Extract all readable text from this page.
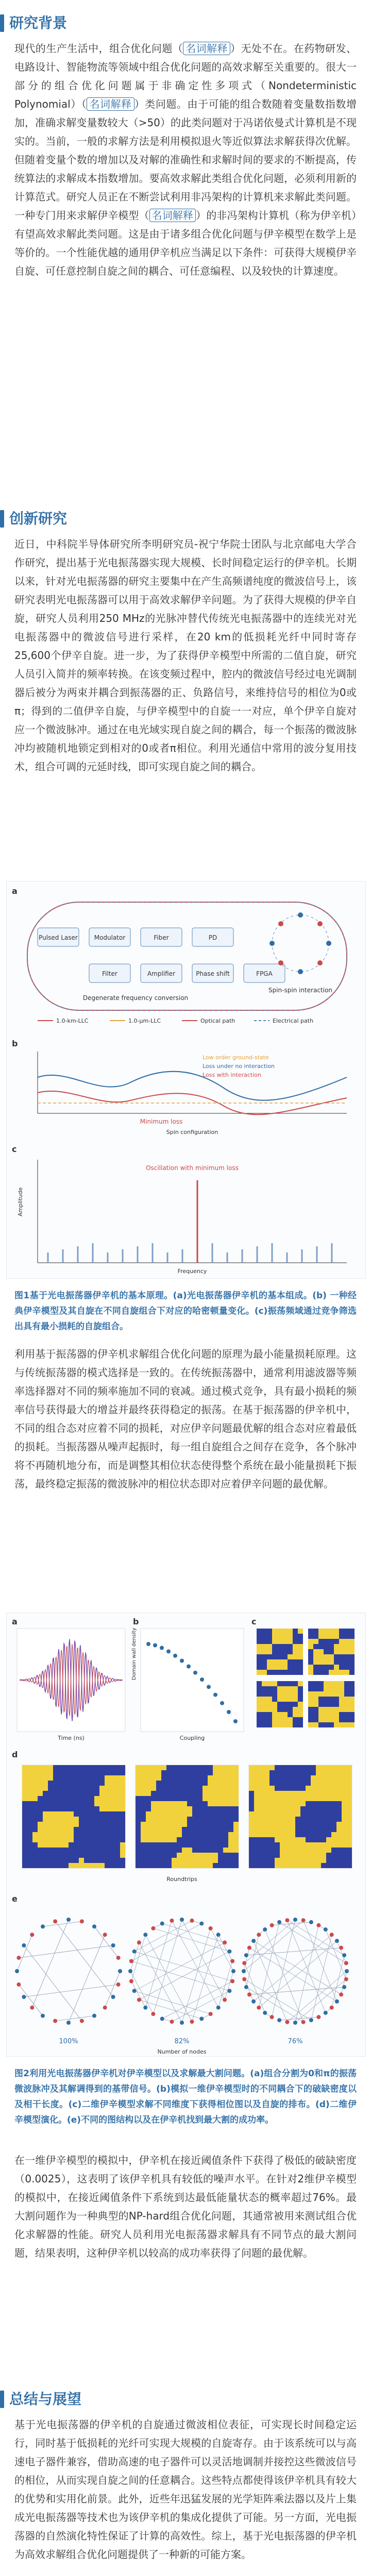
研究背景

现代的生产生活中，组合优化问题（ 名词解释 ）无处不在。在药物研发、电路设计、智能物流等领域中组合优化问题的高效求解至关重要的。很大一部分的组合优化问题属于非确定性多项式（Nondeterministic Polynomial）（ 名词解释 ）类问题。由于可能的组合数随着变量数指数增加，准确求解变量数较大（>50）的此类问题对于冯诺依曼式计算机是不现实的。当前，一般的求解方法是利用模拟退火等近似算法求解获得次优解。但随着变量个数的增加以及对解的准确性和求解时间的要求的不断提高，传统算法的求解成本指数增加。要高效求解此类组合优化问题，必须利用新的计算范式。研究人员正在不断尝试利用非冯架构的计算机来求解此类问题。一种专门用来求解伊辛模型（ 名词解释 ）的非冯架构计算机（称为伊辛机）有望高效求解此类问题。这是由于诸多组合优化问题与伊辛模型在数学上是等价的。一个性能优越的通用伊辛机应当满足以下条件：可获得大规模伊辛自旋、可任意控制自旋之间的耦合、可任意编程、以及较快的计算速度。

创新研究

近日，中科院半导体研究所李明研究员-祝宁华院士团队与北京邮电大学合作研究，提出基于光电振荡器实现大规模、长时间稳定运行的伊辛机。长期以来，针对光电振荡器的研究主要集中在产生高频谱纯度的微波信号上，该研究表明光电振荡器可以用于高效求解伊辛问题。为了获得大规模的伊辛自旋，研究人员利用250 MHz的光脉冲替代传统光电振荡器中的连续光对光电振荡器中的微波信号进行采样，在20 km的低损耗光纤中同时寄存25,600个伊辛自旋。进一步，为了获得伊辛模型中所需的二值自旋，研究人员引入简并的频率转换。在该变频过程中，腔内的微波信号经过电光调制器后被分为两束并耦合到振荡器的正、负路信号，来维持信号的相位为0或π；得到的二值伊辛自旋，与伊辛模型中的自旋一一对应，单个伊辛自旋对应一个微波脉冲。通过在电光域实现自旋之间的耦合，每一个振荡的微波脉冲均被随机地锁定到相对的0或者π相位。利用光通信中常用的波分复用技术，组合可调的元延时线，即可实现自旋之间的耦合。

a
Pulsed Laser	Modulator	Fiber	PD
Filter	Amplifier	Phase shift	FPGA
Spin-spin interaction
Degenerate frequency conversion
1.0-km-LLC	1.0-µm-LLC	Optical path	Electrical path
b
Minimum loss
Spin configuration
Low order ground-state
Loss under no interaction
Loss with interaction
c
Oscillation with minimum loss
Frequency
Amplitude
图1基于光电振荡器伊辛机的基本原理。(a)光电振荡器伊辛机的基本组成。(b) 一种经典伊辛模型及其自旋在不同自旋组合下对应的哈密顿量变化。(c)振荡频域通过竞争筛选出具有最小损耗的自旋组合。

利用基于振荡器的伊辛机求解组合优化问题的原理为最小能量损耗原理。这与传统振荡器的模式选择是一致的。在传统振荡器中，通常利用滤波器等频率选择器对不同的频率施加不同的衰减。通过模式竞争，具有最小损耗的频率信号获得最大的增益并最终获得稳定的振荡。在基于振荡器的伊辛机中，不同的组合态对应着不同的损耗，对应伊辛问题最优解的组合态对应着最低的损耗。当振荡器从噪声起振时，每一组自旋组合之间存在竞争，各个脉冲将不再随机地分布，而是调整其相位状态使得整个系统在最小能量损耗下振荡，最终稳定振荡的微波脉冲的相位状态即对应着伊辛问题的最优解。

a
Time (ns)
b
Coupling
Domain wall density
c
d
Roundtrips
e
100%	82%	76%
Number of nodes
图2利用光电振荡器伊辛机对伊辛模型以及求解最大割问题。(a)组合分割为0和π的振荡微波脉冲及其解调得到的基带信号。(b)模拟一维伊辛模型时的不同耦合下的破缺密度以及相干长度。(c)二维伊辛模型求解不同维度下获得相位图以及自旋的排布。(d)二维伊辛模型演化。(e)不同的图结构以及在伊辛机找到最大割的成功率。

在一维伊辛模型的模拟中，伊辛机在接近阈值条件下获得了极低的破缺密度（0.0025），这表明了该伊辛机具有较低的噪声水平。在针对2维伊辛模型的模拟中，在接近阈值条件下系统到达最低能量状态的概率超过76%。最大割问题作为一种典型的NP-hard组合优化问题，其通常被用来测试组合优化求解器的性能。研究人员利用光电振荡器求解具有不同节点的最大割问题，结果表明，这种伊辛机以较高的成功率获得了问题的最优解。

总结与展望

基于光电振荡器的伊辛机的自旋通过微波相位表征，可实现长时间稳定运行，同时基于低损耗的光纤可实现大规模的自旋寄存。由于该系统可以与高速电子器件兼容，借助高速的电子器件可以灵活地调制并接控这些微波信号的相位，从而实现自旋之间的任意耦合。这些特点都使得该伊辛机具有较大的优势和实用化前景。此外，近些年迅猛发展的光学矩阵乘法器以及片上集成光电振荡器等技术也为该伊辛机的集成化提供了可能。另一方面，光电振荡器的自然演化特性保证了计算的高效性。综上，基于光电振荡器的伊辛机为高效求解组合优化问题提供了一种新的可能方案。
